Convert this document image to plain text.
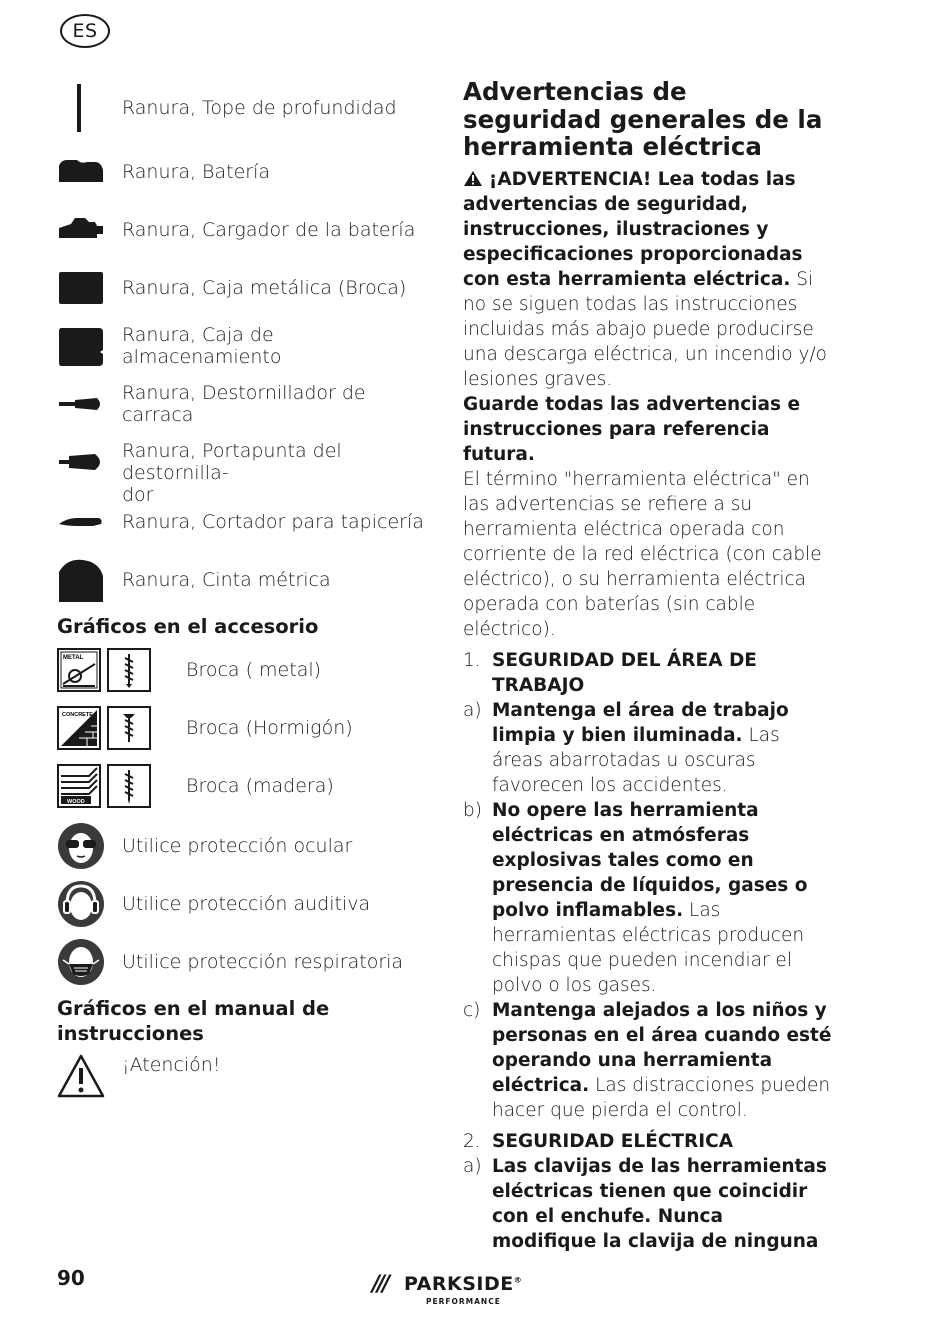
ES
Ranura, Tope de profundidad
Ranura, Batería
Ranura, Cargador de la batería
Ranura, Caja metálica (Broca)
Ranura, Caja de almacenamiento
Ranura, Destornillador de carraca
Ranura, Portapunta del destornilla-
dor
Ranura, Cortador para tapicería
Ranura, Cinta métrica
Gráficos en el accesorio
METAL
Broca ( metal)
CONCRETE
Broca (Hormigón)
WOOD
Broca (madera)
Utilice protección ocular
Utilice protección auditiva
Utilice protección respiratoria
Gráficos en el manual de instrucciones
¡Atención!
Advertencias de seguridad generales de la herramienta eléctrica

¡ADVERTENCIA! Lea todas las advertencias de seguridad, instrucciones, ilustraciones y especificaciones proporcionadas con esta herramienta eléctrica. Si no se siguen todas las instrucciones incluidas más abajo puede producirse una descarga eléctrica, un incendio y/o lesiones graves.

Guarde todas las advertencias e instrucciones para referencia futura.

El término "herramienta eléctrica" en las advertencias se refiere a su herramienta eléctrica operada con corriente de la red eléctrica (con cable eléctrico), o su herramienta eléctrica operada con baterías (sin cable eléctrico).

1. SEGURIDAD DEL ÁREA DE TRABAJO
a) Mantenga el área de trabajo limpia y bien iluminada. Las áreas abarrotadas u oscuras favorecen los accidentes.
b) No opere las herramienta eléctricas en atmósferas explosivas tales como en presencia de líquidos, gases o polvo inflamables. Las herramientas eléctricas producen chispas que pueden incendiar el polvo o los gases.
c) Mantenga alejados a los niños y personas en el área cuando esté operando una herramienta eléctrica. Las distracciones pueden hacer que pierda el control.
2. SEGURIDAD ELÉCTRICA
a) Las clavijas de las herramientas eléctricas tienen que coincidir con el enchufe. Nunca modifique la clavija de ninguna
90	/// PARKSIDE®
PERFORMANCE
